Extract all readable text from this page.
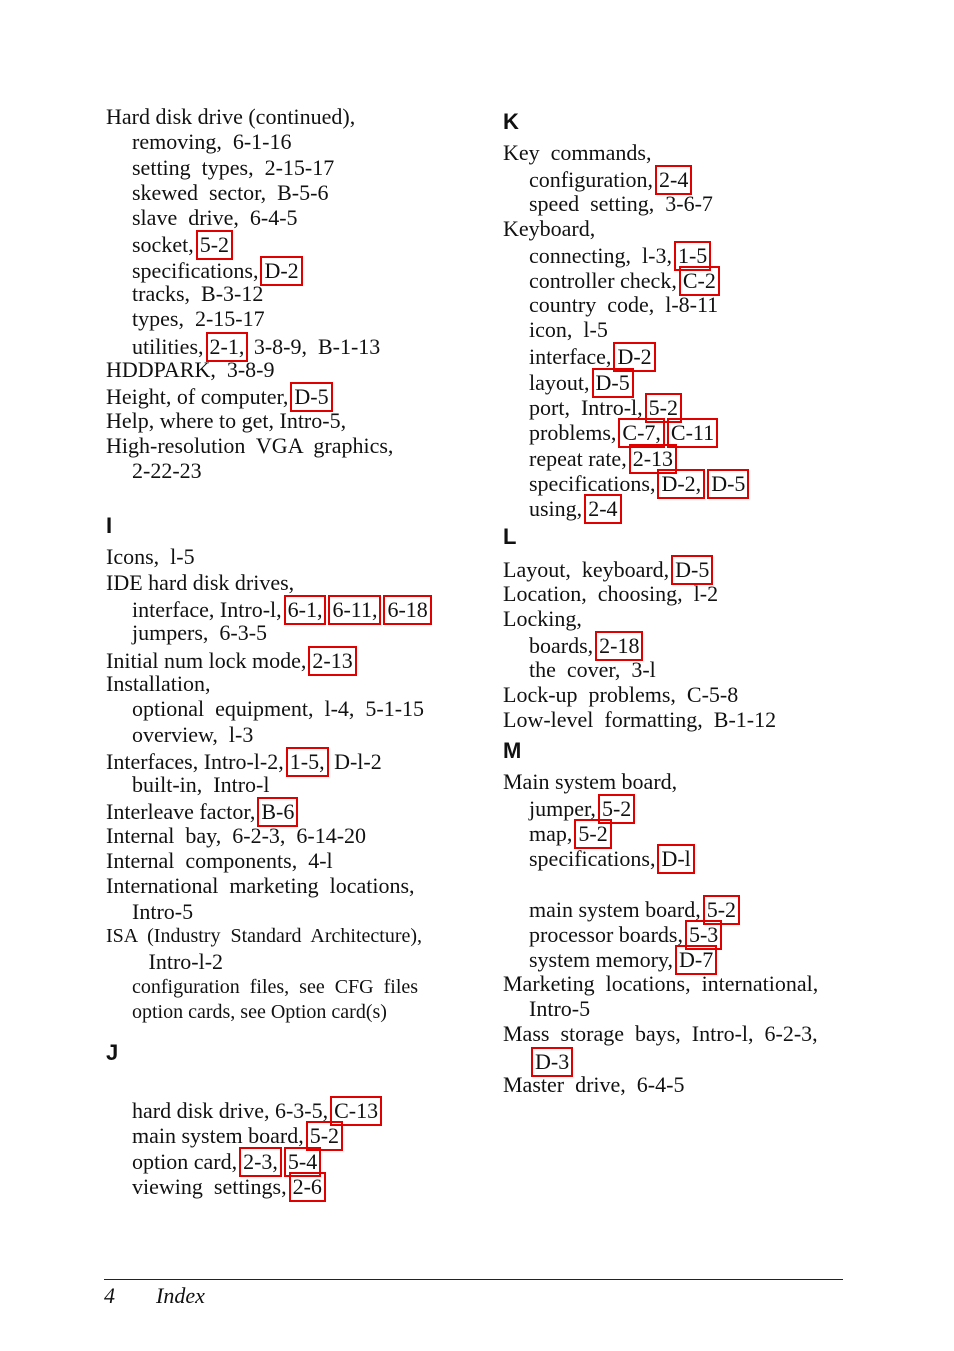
Hard disk drive (continued),
removing,  6-1-16
setting  types,  2-15-17
skewed  sector,  B-5-6
slave  drive,  6-4-5
socket, 5-2
specifications, D-2
tracks,  B-3-12
types,  2-15-17
utilities, 2-1, 3-8-9,  B-1-13
HDDPARK,  3-8-9
Height, of computer, D-5
Help, where to get, Intro-5,
High-resolution  VGA  graphics,
2-22-23
I
Icons,  l-5
IDE hard disk drives,
interface, Intro-l, 6-1, 6-11, 6-18
jumpers,  6-3-5
Initial num lock mode, 2-13
Installation,
optional  equipment,  l-4,  5-1-15
overview,  l-3
Interfaces, Intro-l-2, 1-5, D-l-2
built-in,  Intro-l
Interleave factor, B-6
Internal  bay,  6-2-3,  6-14-20
Internal  components,  4-l
International  marketing  locations,
Intro-5
ISA  (Industry  Standard  Architecture),
Intro-l-2
configuration  files,  see  CFG  files
option cards, see Option card(s)
J
hard disk drive, 6-3-5, C-13
main system board, 5-2
option card, 2-3, 5-4
viewing  settings, 2-6
K
Key  commands,
configuration, 2-4
speed  setting,  3-6-7
Keyboard,
connecting,  l-3, 1-5
controller check, C-2
country  code,  l-8-11
icon,  l-5
interface, D-2
layout, D-5
port,  Intro-l, 5-2
problems, C-7, C-11
repeat rate, 2-13
specifications, D-2, D-5
using, 2-4
L
Layout,  keyboard, D-5
Location,  choosing,  l-2
Locking,
boards, 2-18
the  cover,  3-l
Lock-up  problems,  C-5-8
Low-level  formatting,  B-1-12
M
Main system board,
jumper, 5-2
map, 5-2
specifications, D-l
main system board, 5-2
processor boards, 5-3
system memory, D-7
Marketing  locations,  international,
Intro-5
Mass  storage  bays,  Intro-l,  6-2-3,
D-3
Master  drive,  6-4-5
4 Index
